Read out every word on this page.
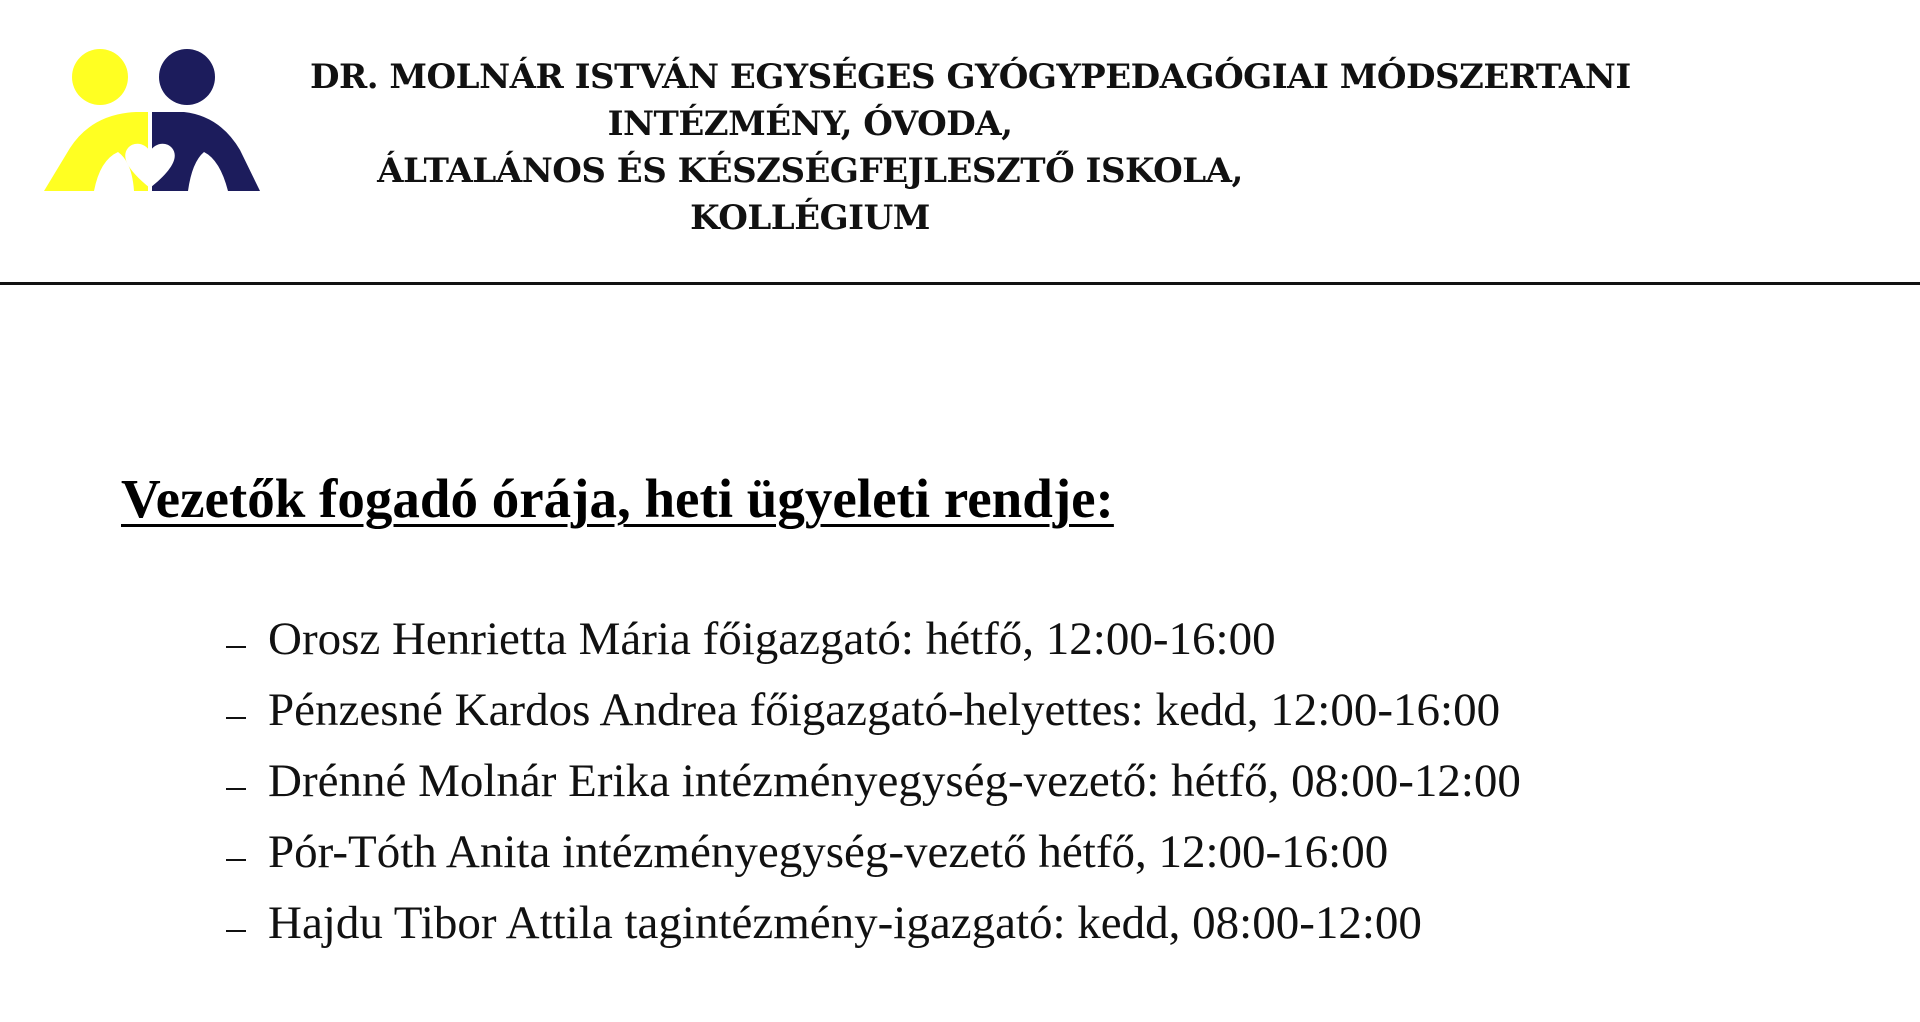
DR. MOLNÁR ISTVÁN EGYSÉGES GYÓGYPEDAGÓGIAI MÓDSZERTANI
INTÉZMÉNY, ÓVODA,
ÁLTALÁNOS ÉS KÉSZSÉGFEJLESZTŐ ISKOLA,
KOLLÉGIUM
Vezetők fogadó órája, heti ügyeleti rendje:
Orosz Henrietta Mária főigazgató: hétfő, 12:00-16:00
Pénzesné Kardos Andrea főigazgató-helyettes: kedd, 12:00-16:00
Drénné Molnár Erika intézményegység-vezető: hétfő, 08:00-12:00
Pór-Tóth Anita intézményegység-vezető hétfő, 12:00-16:00
Hajdu Tibor Attila tagintézmény-igazgató: kedd, 08:00-12:00
